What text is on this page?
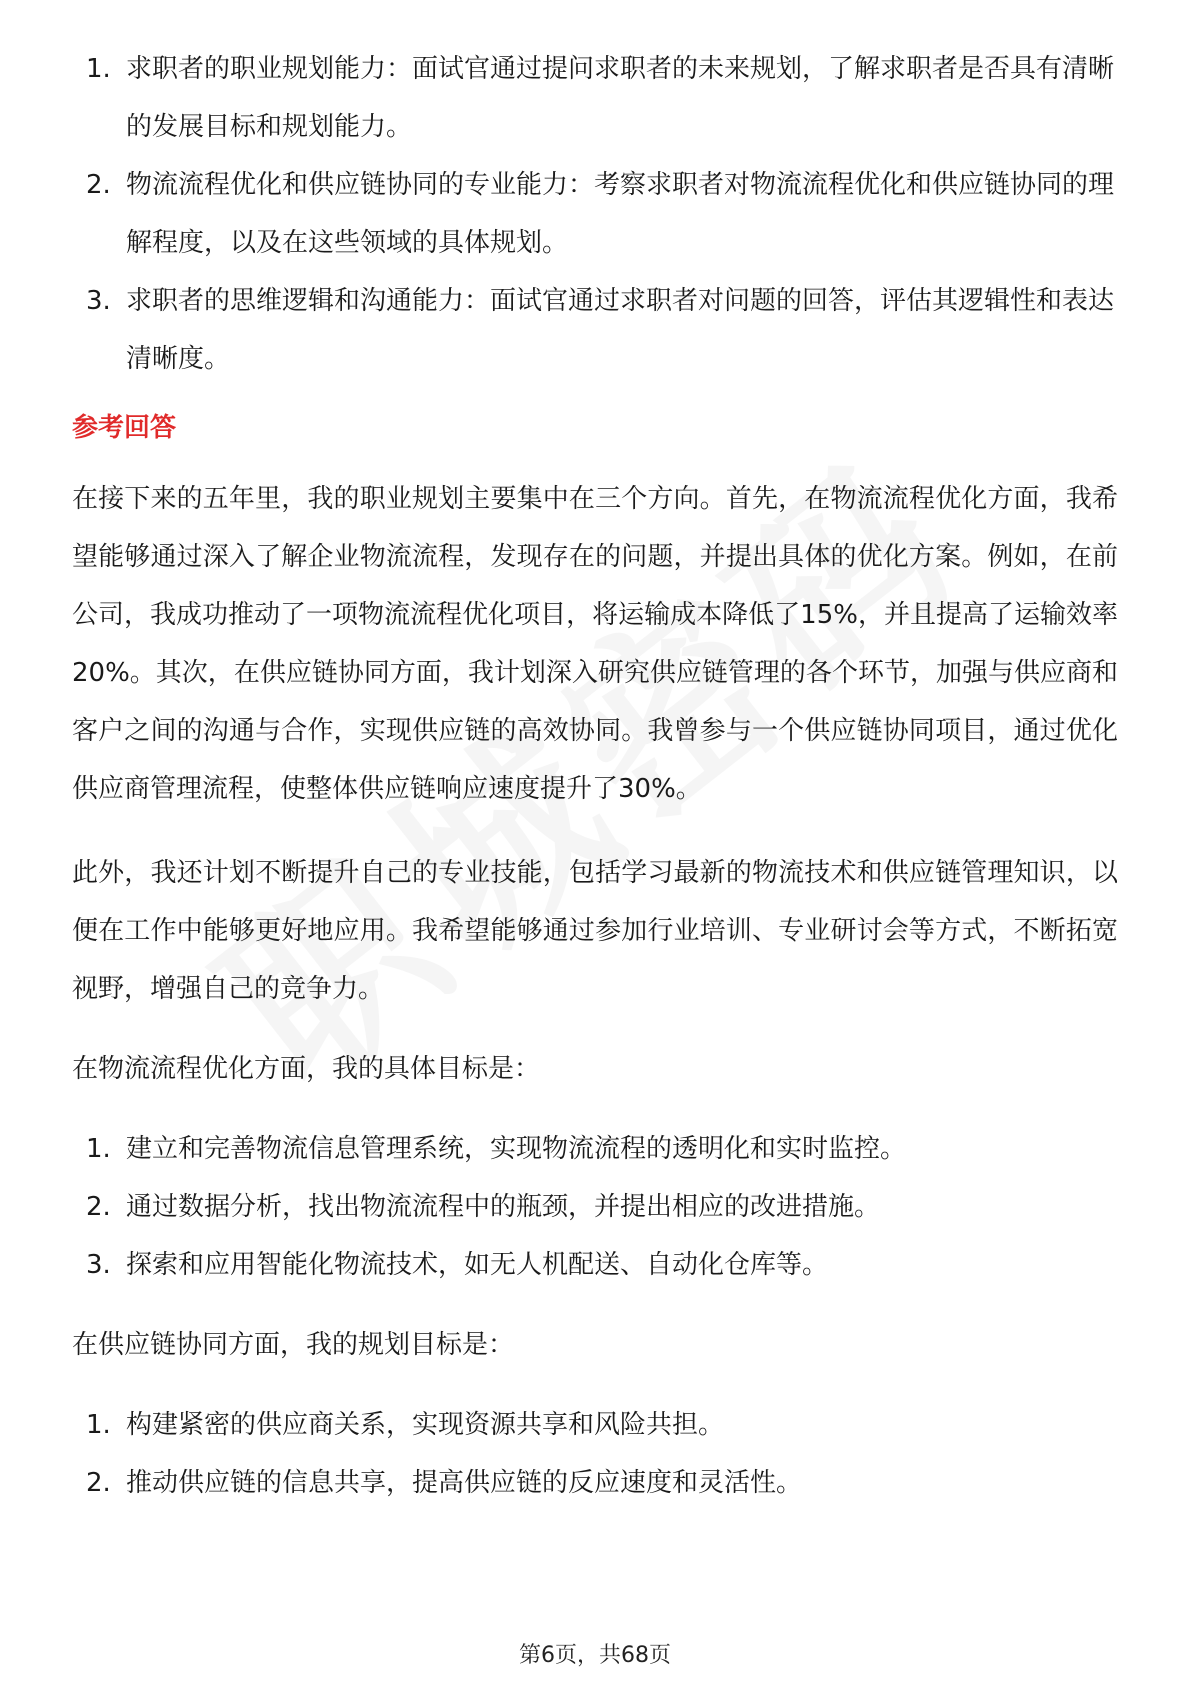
1. 求职者的职业规划能力：面试官通过提问求职者的未来规划，了解求职者是否具有清晰的发展目标和规划能力。
2. 物流流程优化和供应链协同的专业能力：考察求职者对物流流程优化和供应链协同的理解程度，以及在这些领域的具体规划。
3. 求职者的思维逻辑和沟通能力：面试官通过求职者对问题的回答，评估其逻辑性和表达清晰度。
参考回答

在接下来的五年里，我的职业规划主要集中在三个方向。首先，在物流流程优化方面，我希望能够通过深入了解企业物流流程，发现存在的问题，并提出具体的优化方案。例如，在前公司，我成功推动了一项物流流程优化项目，将运输成本降低了15%，并且提高了运输效率20%。其次，在供应链协同方面，我计划深入研究供应链管理的各个环节，加强与供应商和客户之间的沟通与合作，实现供应链的高效协同。我曾参与一个供应链协同项目，通过优化供应商管理流程，使整体供应链响应速度提升了30%。

此外，我还计划不断提升自己的专业技能，包括学习最新的物流技术和供应链管理知识，以便在工作中能够更好地应用。我希望能够通过参加行业培训、专业研讨会等方式，不断拓宽视野，增强自己的竞争力。

在物流流程优化方面，我的具体目标是：

1. 建立和完善物流信息管理系统，实现物流流程的透明化和实时监控。
2. 通过数据分析，找出物流流程中的瓶颈，并提出相应的改进措施。
3. 探索和应用智能化物流技术，如无人机配送、自动化仓库等。

在供应链协同方面，我的规划目标是：

1. 构建紧密的供应商关系，实现资源共享和风险共担。
2. 推动供应链的信息共享，提高供应链的反应速度和灵活性。
第6页，共68页
